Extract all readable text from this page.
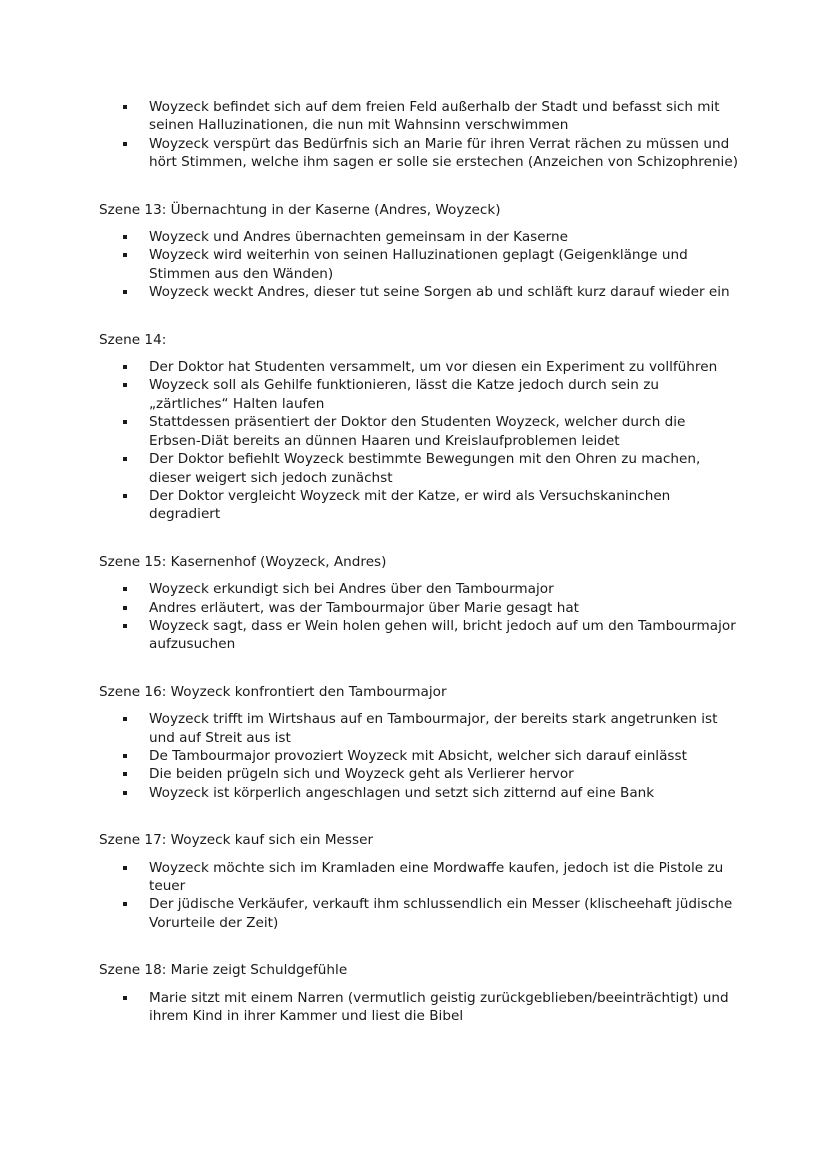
Woyzeck befindet sich auf dem freien Feld außerhalb der Stadt und befasst sich mit seinen Halluzinationen, die nun mit Wahnsinn verschwimmen
Woyzeck verspürt das Bedürfnis sich an Marie für ihren Verrat rächen zu müssen und hört Stimmen, welche ihm sagen er solle sie erstechen (Anzeichen von Schizophrenie)

Szene 13: Übernachtung in der Kaserne (Andres, Woyzeck)

Woyzeck und Andres übernachten gemeinsam in der Kaserne
Woyzeck wird weiterhin von seinen Halluzinationen geplagt (Geigenklänge und Stimmen aus den Wänden)
Woyzeck weckt Andres, dieser tut seine Sorgen ab und schläft kurz darauf wieder ein

Szene 14:

Der Doktor hat Studenten versammelt, um vor diesen ein Experiment zu vollführen
Woyzeck soll als Gehilfe funktionieren, lässt die Katze jedoch durch sein zu „zärtliches“ Halten laufen
Stattdessen präsentiert der Doktor den Studenten Woyzeck, welcher durch die Erbsen-Diät bereits an dünnen Haaren und Kreislaufproblemen leidet
Der Doktor befiehlt Woyzeck bestimmte Bewegungen mit den Ohren zu machen, dieser weigert sich jedoch zunächst
Der Doktor vergleicht Woyzeck mit der Katze, er wird als Versuchskaninchen degradiert

Szene 15: Kasernenhof (Woyzeck, Andres)

Woyzeck erkundigt sich bei Andres über den Tambourmajor
Andres erläutert, was der Tambourmajor über Marie gesagt hat
Woyzeck sagt, dass er Wein holen gehen will, bricht jedoch auf um den Tambourmajor aufzusuchen

Szene 16: Woyzeck konfrontiert den Tambourmajor

Woyzeck trifft im Wirtshaus auf en Tambourmajor, der bereits stark angetrunken ist und auf Streit aus ist
De Tambourmajor provoziert Woyzeck mit Absicht, welcher sich darauf einlässt
Die beiden prügeln sich und Woyzeck geht als Verlierer hervor
Woyzeck ist körperlich angeschlagen und setzt sich zitternd auf eine Bank

Szene 17: Woyzeck kauf sich ein Messer

Woyzeck möchte sich im Kramladen eine Mordwaffe kaufen, jedoch ist die Pistole zu teuer
Der jüdische Verkäufer, verkauft ihm schlussendlich ein Messer (klischeehaft jüdische Vorurteile der Zeit)

Szene 18: Marie zeigt Schuldgefühle

Marie sitzt mit einem Narren (vermutlich geistig zurückgeblieben/beeinträchtigt) und ihrem Kind in ihrer Kammer und liest die Bibel
